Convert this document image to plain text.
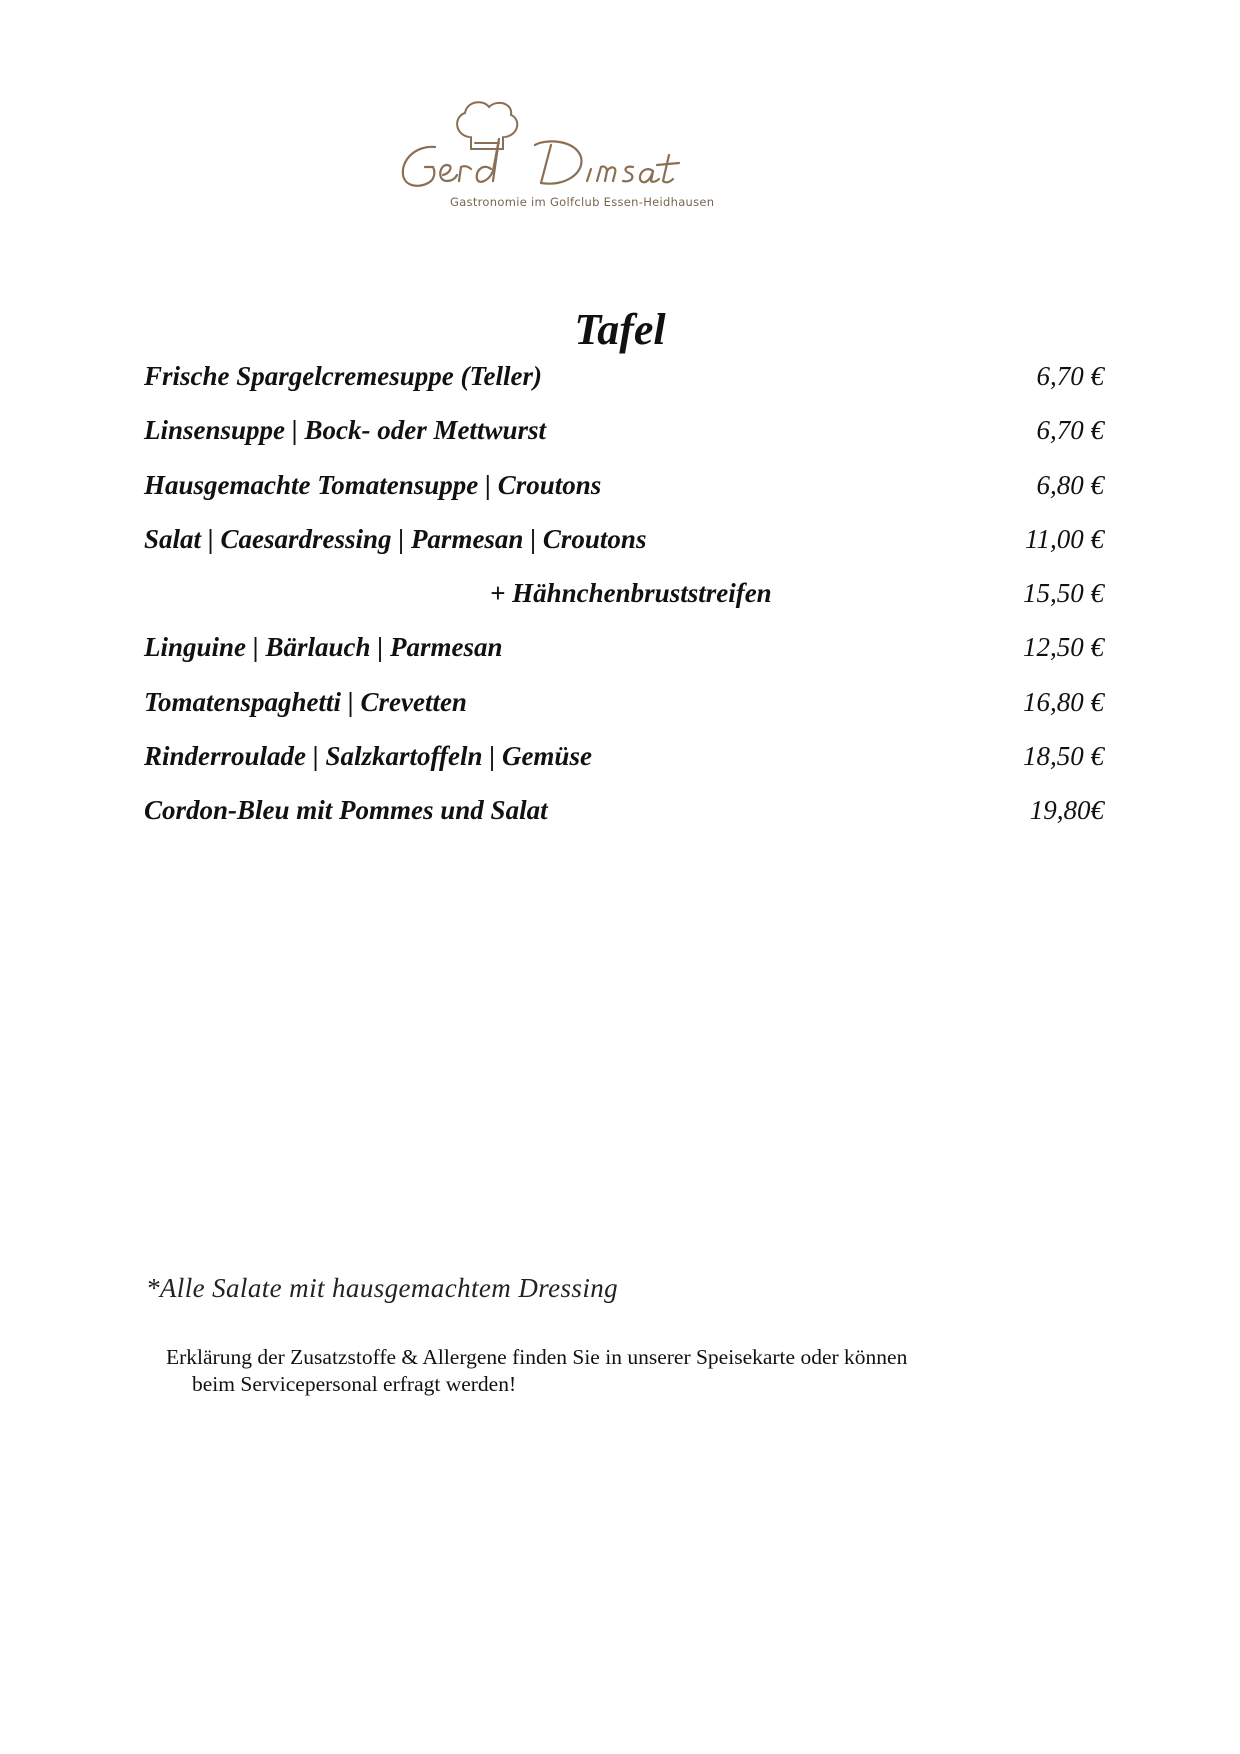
Gastronomie im Golfclub Essen-Heidhausen
Tafel
Frische Spargelcremesuppe (Teller)	6,70 €
Linsensuppe | Bock- oder Mettwurst	6,70 €
Hausgemachte Tomatensuppe | Croutons	6,80 €
Salat | Caesardressing | Parmesan | Croutons	11,00 €
+ Hähnchenbruststreifen	15,50 €
Linguine | Bärlauch | Parmesan	12,50 €
Tomatenspaghetti | Crevetten	16,80 €
Rinderroulade | Salzkartoffeln | Gemüse	18,50 €
Cordon-Bleu mit Pommes und Salat	19,80€
*Alle Salate mit hausgemachtem Dressing
Erklärung der Zusatzstoffe & Allergene finden Sie in unserer Speisekarte oder können
beim Servicepersonal erfragt werden!
